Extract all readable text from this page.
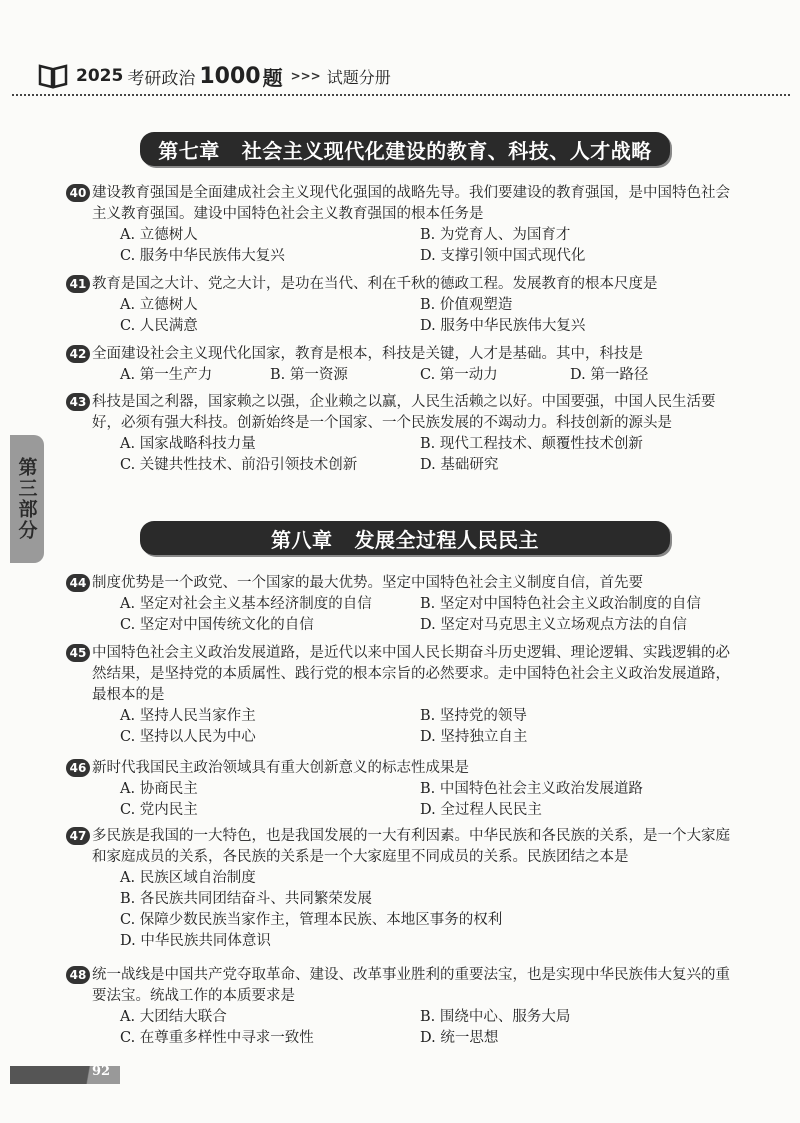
2025 考研政治 1000 题 >>> 试题分册
第七章 社会主义现代化建设的教育、科技、人才战略
第三部分

40 建设教育强国是全面建成社会主义现代化强国的战略先导。我们要建设的教育强国，是中国特色社会主义教育强国。建设中国特色社会主义教育强国的根本任务是

A. 立德树人	B. 为党育人、为国育才
C. 服务中华民族伟大复兴	D. 支撑引领中国式现代化

41 教育是国之大计、党之大计，是功在当代、利在千秋的德政工程。发展教育的根本尺度是

A. 立德树人	B. 价值观塑造
C. 人民满意	D. 服务中华民族伟大复兴

42 全面建设社会主义现代化国家，教育是根本，科技是关键，人才是基础。其中，科技是

A. 第一生产力	B. 第一资源	C. 第一动力	D. 第一路径

43 科技是国之利器，国家赖之以强，企业赖之以赢，人民生活赖之以好。中国要强，中国人民生活要好，必须有强大科技。创新始终是一个国家、一个民族发展的不竭动力。科技创新的源头是

A. 国家战略科技力量	B. 现代工程技术、颠覆性技术创新
C. 关键共性技术、前沿引领技术创新	D. 基础研究
第八章 发展全过程人民民主

44 制度优势是一个政党、一个国家的最大优势。坚定中国特色社会主义制度自信，首先要

A. 坚定对社会主义基本经济制度的自信	B. 坚定对中国特色社会主义政治制度的自信
C. 坚定对中国传统文化的自信	D. 坚定对马克思主义立场观点方法的自信

45 中国特色社会主义政治发展道路，是近代以来中国人民长期奋斗历史逻辑、理论逻辑、实践逻辑的必然结果，是坚持党的本质属性、践行党的根本宗旨的必然要求。走中国特色社会主义政治发展道路，最根本的是

A. 坚持人民当家作主	B. 坚持党的领导
C. 坚持以人民为中心	D. 坚持独立自主

46 新时代我国民主政治领域具有重大创新意义的标志性成果是

A. 协商民主	B. 中国特色社会主义政治发展道路
C. 党内民主	D. 全过程人民民主

47 多民族是我国的一大特色，也是我国发展的一大有利因素。中华民族和各民族的关系，是一个大家庭和家庭成员的关系，各民族的关系是一个大家庭里不同成员的关系。民族团结之本是

A. 民族区域自治制度
B. 各民族共同团结奋斗、共同繁荣发展
C. 保障少数民族当家作主，管理本民族、本地区事务的权利
D. 中华民族共同体意识

48 统一战线是中国共产党夺取革命、建设、改革事业胜利的重要法宝，也是实现中华民族伟大复兴的重要法宝。统战工作的本质要求是

A. 大团结大联合	B. 围绕中心、服务大局
C. 在尊重多样性中寻求一致性	D. 统一思想
92
